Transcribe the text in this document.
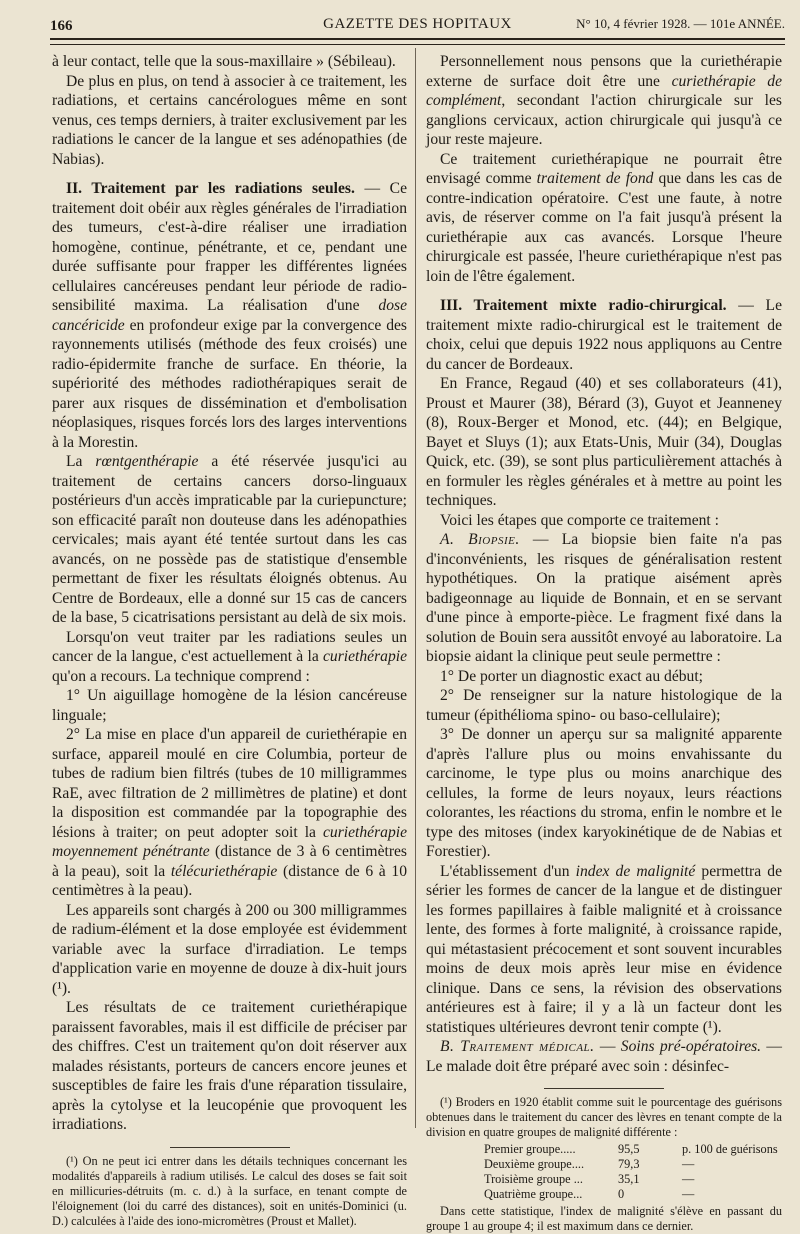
166	GAZETTE DES HOPITAUX	N° 10, 4 février 1928. — 101e ANNÉE.

à leur contact, telle que la sous-maxillaire » (Sébileau).

De plus en plus, on tend à associer à ce traitement, les radiations, et certains cancérologues même en sont venus, ces temps derniers, à traiter exclusivement par les radiations le cancer de la langue et ses adénopathies (de Nabias).

II. Traitement par les radiations seules. — Ce traitement doit obéir aux règles générales de l'irradiation des tumeurs, c'est-à-dire réaliser une irradiation homogène, continue, pénétrante, et ce, pendant une durée suffisante pour frapper les différentes lignées cellulaires cancéreuses pendant leur période de radio-sensibilité maxima. La réalisation d'une dose cancéricide en profondeur exige par la convergence des rayonnements utilisés (méthode des feux croisés) une radio-épidermite franche de surface. En théorie, la supériorité des méthodes radiothérapiques serait de parer aux risques de dissémination et d'embolisation néoplasiques, risques forcés lors des larges interventions à la Morestin.

La rœntgenthérapie a été réservée jusqu'ici au traitement de certains cancers dorso-linguaux postérieurs d'un accès impraticable par la curiepuncture; son efficacité paraît non douteuse dans les adénopathies cervicales; mais ayant été tentée surtout dans les cas avancés, on ne possède pas de statistique d'ensemble permettant de fixer les résultats éloignés obtenus. Au Centre de Bordeaux, elle a donné sur 15 cas de cancers de la base, 5 cicatrisations persistant au delà de six mois.

Lorsqu'on veut traiter par les radiations seules un cancer de la langue, c'est actuellement à la curiethérapie qu'on a recours. La technique comprend :

1° Un aiguillage homogène de la lésion cancéreuse linguale;

2° La mise en place d'un appareil de curiethérapie en surface, appareil moulé en cire Columbia, porteur de tubes de radium bien filtrés (tubes de 10 milligrammes RaE, avec filtration de 2 millimètres de platine) et dont la disposition est commandée par la topographie des lésions à traiter; on peut adopter soit la curiethérapie moyennement pénétrante (distance de 3 à 6 centimètres à la peau), soit la télécuriethérapie (distance de 6 à 10 centimètres à la peau).

Les appareils sont chargés à 200 ou 300 milligrammes de radium-élément et la dose employée est évidemment variable avec la surface d'irradiation. Le temps d'application varie en moyenne de douze à dix-huit jours (¹).

Les résultats de ce traitement curiethérapique paraissent favorables, mais il est difficile de préciser par des chiffres. C'est un traitement qu'on doit réserver aux malades résistants, porteurs de cancers encore jeunes et susceptibles de faire les frais d'une réparation tissulaire, après la cytolyse et la leucopénie que provoquent les irradiations.

(¹) On ne peut ici entrer dans les détails techniques concernant les modalités d'appareils à radium utilisés. Le calcul des doses se fait soit en millicuries-détruits (m. c. d.) à la surface, en tenant compte de l'éloignement (loi du carré des distances), soit en unités-Dominici (u. D.) calculées à l'aide des iono-micromètres (Proust et Mallet).

Personnellement nous pensons que la curiethérapie externe de surface doit être une curiethérapie de complément, secondant l'action chirurgicale sur les ganglions cervicaux, action chirurgicale qui jusqu'à ce jour reste majeure.

Ce traitement curiethérapique ne pourrait être envisagé comme traitement de fond que dans les cas de contre-indication opératoire. C'est une faute, à notre avis, de réserver comme on l'a fait jusqu'à présent la curiethérapie aux cas avancés. Lorsque l'heure chirurgicale est passée, l'heure curiethérapique n'est pas loin de l'être également.

III. Traitement mixte radio-chirurgical. — Le traitement mixte radio-chirurgical est le traitement de choix, celui que depuis 1922 nous appliquons au Centre du cancer de Bordeaux.

En France, Regaud (40) et ses collaborateurs (41), Proust et Maurer (38), Bérard (3), Guyot et Jeanneney (8), Roux-Berger et Monod, etc. (44); en Belgique, Bayet et Sluys (1); aux Etats-Unis, Muir (34), Douglas Quick, etc. (39), se sont plus particulièrement attachés à en formuler les règles générales et à mettre au point les techniques.

Voici les étapes que comporte ce traitement :

A. Biopsie. — La biopsie bien faite n'a pas d'inconvénients, les risques de généralisation restent hypothétiques. On la pratique aisément après badigeonnage au liquide de Bonnain, et en se servant d'une pince à emporte-pièce. Le fragment fixé dans la solution de Bouin sera aussitôt envoyé au laboratoire. La biopsie aidant la clinique peut seule permettre :

1° De porter un diagnostic exact au début;

2° De renseigner sur la nature histologique de la tumeur (épithélioma spino- ou baso-cellulaire);

3° De donner un aperçu sur sa malignité apparente d'après l'allure plus ou moins envahissante du carcinome, le type plus ou moins anarchique des cellules, la forme de leurs noyaux, leurs réactions colorantes, les réactions du stroma, enfin le nombre et le type des mitoses (index karyokinétique de de Nabias et Forestier).

L'établissement d'un index de malignité permettra de sérier les formes de cancer de la langue et de distinguer les formes papillaires à faible malignité et à croissance lente, des formes à forte malignité, à croissance rapide, qui métastasient précocement et sont souvent incurables moins de deux mois après leur mise en évidence clinique. Dans ce sens, la révision des observations antérieures est à faire; il y a là un facteur dont les statistiques ultérieures devront tenir compte (¹).

B. Traitement médical. — Soins pré-opératoires. — Le malade doit être préparé avec soin : désinfec-

(¹) Broders en 1920 établit comme suit le pourcentage des guérisons obtenues dans le traitement du cancer des lèvres en tenant compte de la division en quatre groupes de malignité différente :

Premier groupe.....	95,5	p. 100 de guérisons
Deuxième groupe....	79,3	—
Troisième groupe ...	35,1	—
Quatrième groupe...	0	—

Dans cette statistique, l'index de malignité s'élève en passant du groupe 1 au groupe 4; il est maximum dans ce dernier.
